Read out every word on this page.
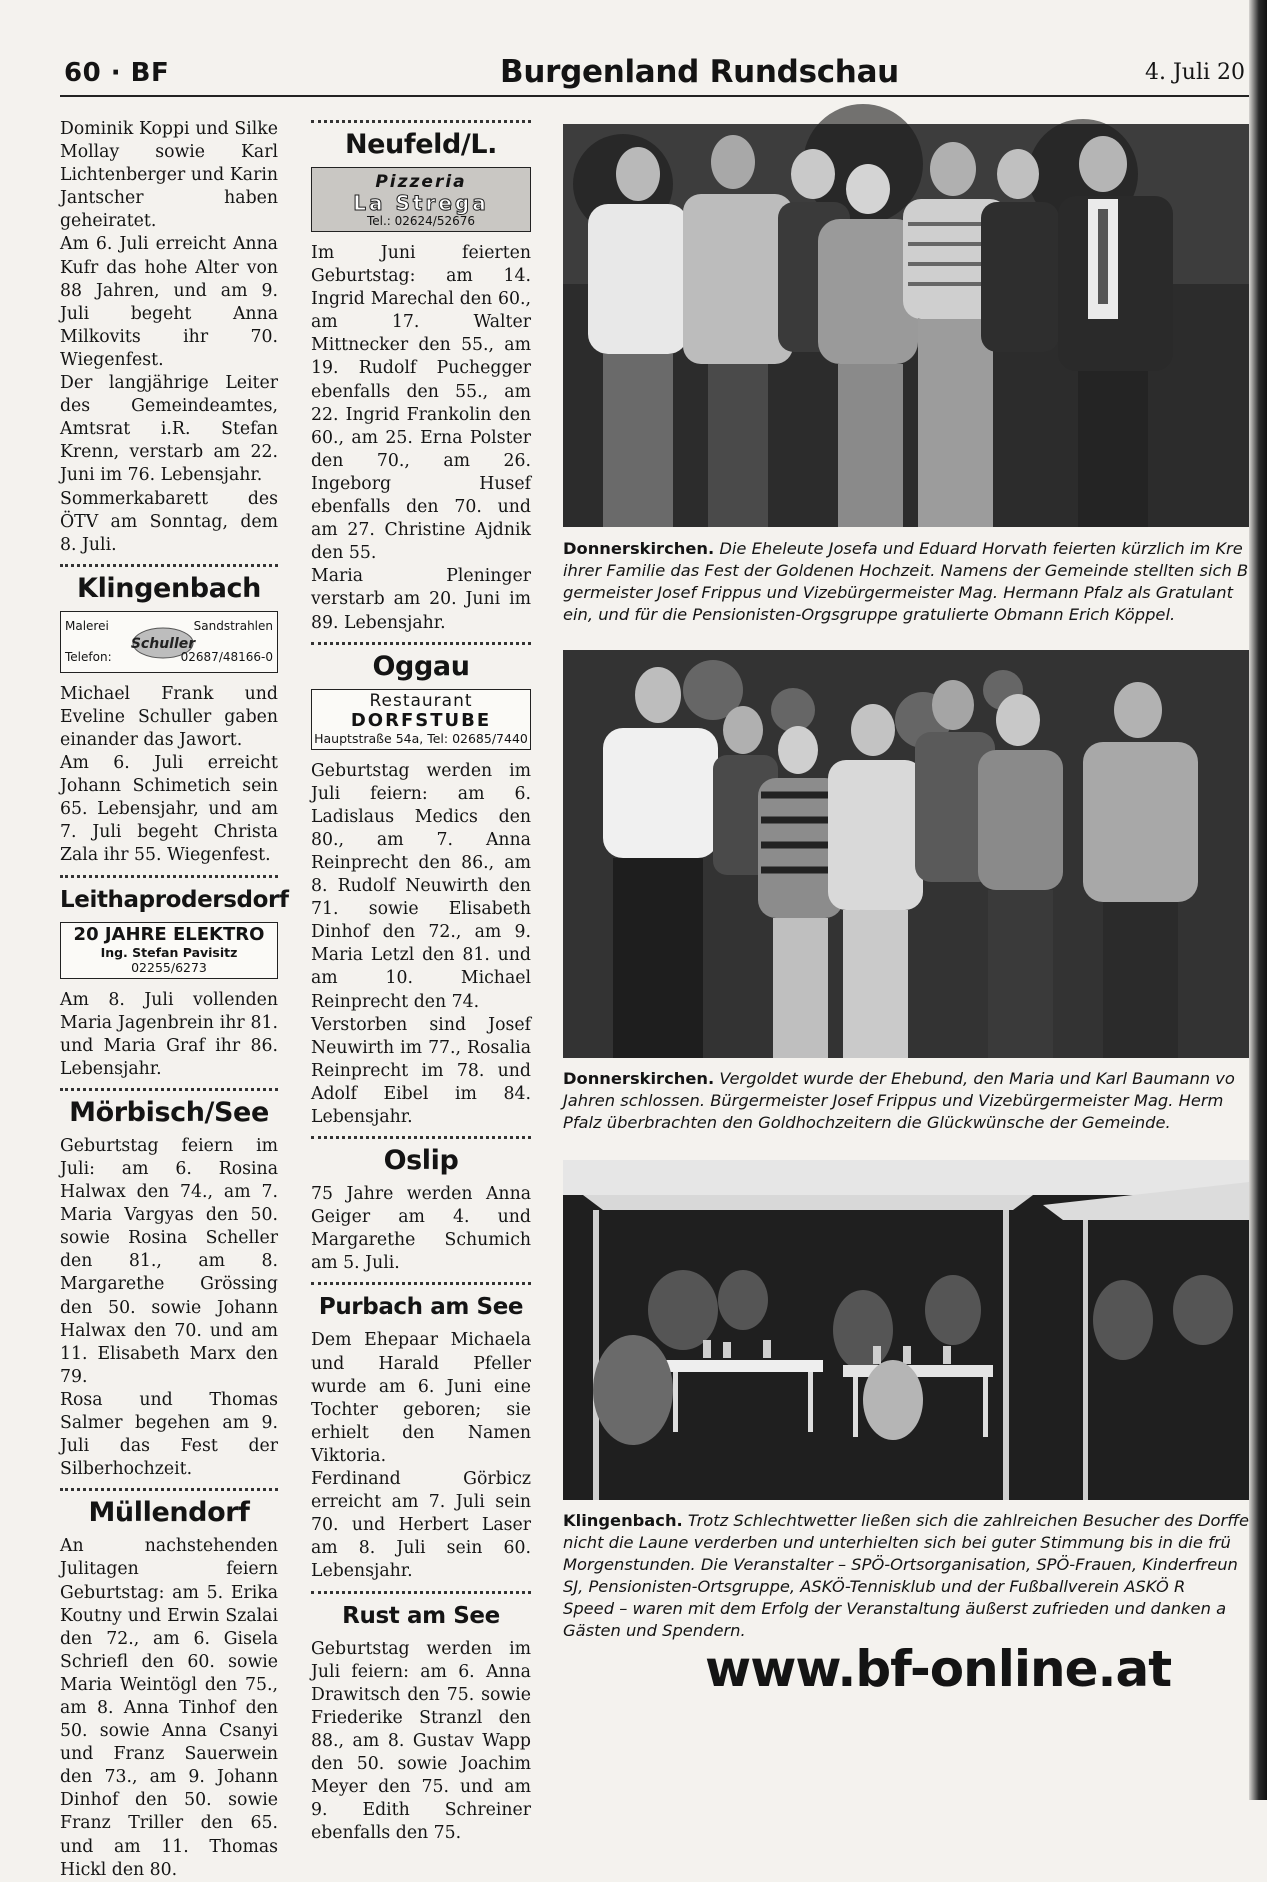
60 · BF	Burgenland Rundschau	4. Juli 20

Dominik Koppi und Silke Mollay sowie Karl Lichtenberger und Karin Jantscher haben geheiratet.

Am 6. Juli erreicht Anna Kufr das hohe Alter von 88 Jahren, und am 9. Juli begeht Anna Milkovits ihr 70. Wiegenfest.

Der langjährige Leiter des Gemeindeamtes, Amtsrat i.R. Stefan Krenn, verstarb am 22. Juni im 76. Lebensjahr.

Sommerkabarett des ÖTV am Sonntag, dem 8. Juli.

Klingenbach
Malerei	Sandstrahlen
Schuller
Telefon:	02687/48166-0

Michael Frank und Eveline Schuller gaben einander das Jawort.

Am 6. Juli erreicht Johann Schimetich sein 65. Lebensjahr, und am 7. Juli begeht Christa Zala ihr 55. Wiegenfest.

Leithaprodersdorf
20 JAHRE ELEKTRO
Ing. Stefan Pavisitz
02255/6273

Am 8. Juli vollenden Maria Jagenbrein ihr 81. und Maria Graf ihr 86. Lebensjahr.

Mörbisch/See

Geburtstag feiern im Juli: am 6. Rosina Halwax den 74., am 7. Maria Vargyas den 50. sowie Rosina Scheller den 81., am 8. Margarethe Grössing den 50. sowie Johann Halwax den 70. und am 11. Elisabeth Marx den 79.

Rosa und Thomas Salmer begehen am 9. Juli das Fest der Silberhochzeit.

Müllendorf

An nachstehenden Julitagen feiern Geburtstag: am 5. Erika Koutny und Erwin Szalai den 72., am 6. Gisela Schriefl den 60. sowie Maria Weintögl den 75., am 8. Anna Tinhof den 50. sowie Anna Csanyi und Franz Sauerwein den 73., am 9. Johann Dinhof den 50. sowie Franz Triller den 65. und am 11. Thomas Hickl den 80.

Neufeld/L.
Pizzeria
La Strega
Tel.: 02624/52676

Im Juni feierten Geburtstag: am 14. Ingrid Marechal den 60., am 17. Walter Mittnecker den 55., am 19. Rudolf Puchegger ebenfalls den 55., am 22. Ingrid Frankolin den 60., am 25. Erna Polster den 70., am 26. Ingeborg Husef ebenfalls den 70. und am 27. Christine Ajdnik den 55.

Maria Pleninger verstarb am 20. Juni im 89. Lebensjahr.

Oggau
Restaurant
DORFSTUBE
Hauptstraße 54a, Tel: 02685/7440

Geburtstag werden im Juli feiern: am 6. Ladislaus Medics den 80., am 7. Anna Reinprecht den 86., am 8. Rudolf Neuwirth den 71. sowie Elisabeth Dinhof den 72., am 9. Maria Letzl den 81. und am 10. Michael Reinprecht den 74.

Verstorben sind Josef Neuwirth im 77., Rosalia Reinprecht im 78. und Adolf Eibel im 84. Lebensjahr.

Oslip

75 Jahre werden Anna Geiger am 4. und Margarethe Schumich am 5. Juli.

Purbach am See

Dem Ehepaar Michaela und Harald Pfeller wurde am 6. Juni eine Tochter geboren; sie erhielt den Namen Viktoria.

Ferdinand Görbicz erreicht am 7. Juli sein 70. und Herbert Laser am 8. Juli sein 60. Lebensjahr.

Rust am See

Geburtstag werden im Juli feiern: am 6. Anna Drawitsch den 75. sowie Friederike Stranzl den 88., am 8. Gustav Wapp den 50. sowie Joachim Meyer den 75. und am 9. Edith Schreiner ebenfalls den 75.

Donnerskirchen. Die Eheleute Josefa und Eduard Horvath feierten kürzlich im Kre
ihrer Familie das Fest der Goldenen Hochzeit. Namens der Gemeinde stellten sich B
germeister Josef Frippus und Vizebürgermeister Mag. Hermann Pfalz als Gratulant
ein, und für die Pensionisten-Orgsgruppe gratulierte Obmann Erich Köppel.
Donnerskirchen. Vergoldet wurde der Ehebund, den Maria und Karl Baumann vo
Jahren schlossen. Bürgermeister Josef Frippus und Vizebürgermeister Mag. Herm
Pfalz überbrachten den Goldhochzeitern die Glückwünsche der Gemeinde.
Klingenbach. Trotz Schlechtwetter ließen sich die zahlreichen Besucher des Dorffe
nicht die Laune verderben und unterhielten sich bei guter Stimmung bis in die frü
Morgenstunden. Die Veranstalter – SPÖ-Ortsorganisation, SPÖ-Frauen, Kinderfreun
SJ, Pensionisten-Ortsgruppe, ASKÖ-Tennisklub und der Fußballverein ASKÖ R
Speed – waren mit dem Erfolg der Veranstaltung äußerst zufrieden und danken a
Gästen und Spendern.
www.bf-online.at
